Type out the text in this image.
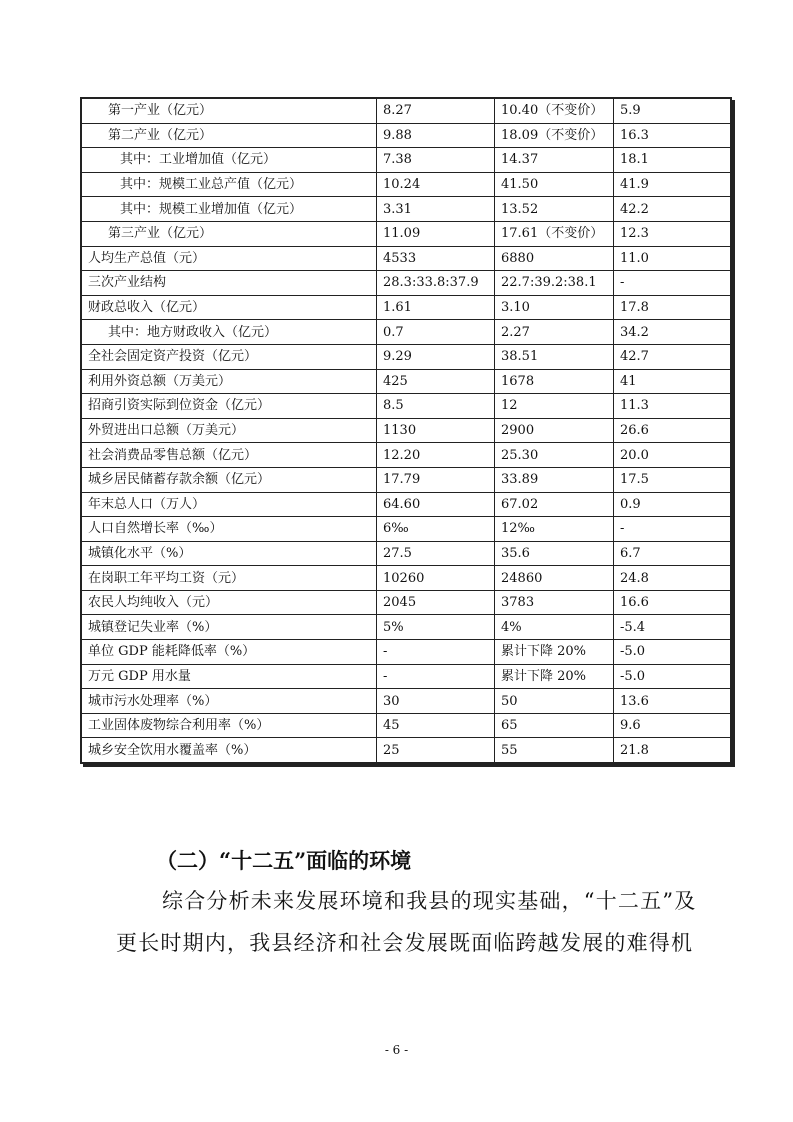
第一产业（亿元）	8.27	10.40（不变价）	5.9
第二产业（亿元）	9.88	18.09（不变价）	16.3
其中：工业增加值（亿元）	7.38	14.37	18.1
其中：规模工业总产值（亿元）	10.24	41.50	41.9
其中：规模工业增加值（亿元）	3.31	13.52	42.2
第三产业（亿元）	11.09	17.61（不变价）	12.3
人均生产总值（元）	4533	6880	11.0
三次产业结构	28.3:33.8:37.9	22.7:39.2:38.1	-
财政总收入（亿元）	1.61	3.10	17.8
其中：地方财政收入（亿元）	0.7	2.27	34.2
全社会固定资产投资（亿元）	9.29	38.51	42.7
利用外资总额（万美元）	425	1678	41
招商引资实际到位资金（亿元）	8.5	12	11.3
外贸进出口总额（万美元）	1130	2900	26.6
社会消费品零售总额（亿元）	12.20	25.30	20.0
城乡居民储蓄存款余额（亿元）	17.79	33.89	17.5
年末总人口（万人）	64.60	67.02	0.9
人口自然增长率（‰）	6‰	12‰	-
城镇化水平（%）	27.5	35.6	6.7
在岗职工年平均工资（元）	10260	24860	24.8
农民人均纯收入（元）	2045	3783	16.6
城镇登记失业率（%）	5%	4%	-5.4
单位 GDP 能耗降低率（%）	-	累计下降 20%	-5.0
万元 GDP 用水量	-	累计下降 20%	-5.0
城市污水处理率（%）	30	50	13.6
工业固体废物综合利用率（%）	45	65	9.6
城乡安全饮用水覆盖率（%）	25	55	21.8
（二）“十二五”面临的环境
综合分析未来发展环境和我县的现实基础，“十二五”及
更长时期内，我县经济和社会发展既面临跨越发展的难得机
- 6 -
